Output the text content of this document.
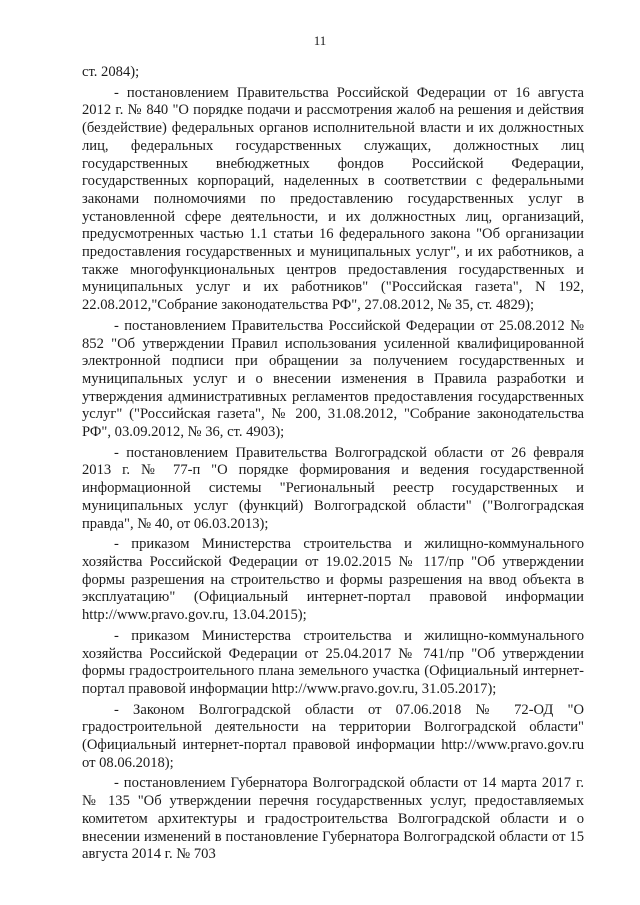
11

ст. 2084);

- постановлением Правительства Российской Федерации от 16 августа 2012 г. № 840 "О порядке подачи и рассмотрения жалоб на решения и действия (бездействие) федеральных органов исполнительной власти и их должностных лиц, федеральных государственных служащих, должностных лиц государственных внебюджетных фондов Российской Федерации, государственных корпораций, наделенных в соответствии с федеральными законами полномочиями по предоставлению государственных услуг в установленной сфере деятельности, и их должностных лиц, организаций, предусмотренных частью 1.1 статьи 16 федерального закона "Об организации предоставления государственных и муниципальных услуг", и их работников, а также многофункциональных центров предоставления государственных и муниципальных услуг и их работников" ("Российская газета", N 192, 22.08.2012,"Собрание законодательства РФ", 27.08.2012, № 35, ст. 4829);

- постановлением Правительства Российской Федерации от 25.08.2012 № 852 "Об утверждении Правил использования усиленной квалифицированной электронной подписи при обращении за получением государственных и муниципальных услуг и о внесении изменения в Правила разработки и утверждения административных регламентов предоставления государственных услуг" ("Российская газета", № 200, 31.08.2012, "Собрание законодательства РФ", 03.09.2012, № 36, ст. 4903);

- постановлением Правительства Волгоградской области от 26 февраля 2013 г. № 77-п "О порядке формирования и ведения государственной информационной системы "Региональный реестр государственных и муниципальных услуг (функций) Волгоградской области" ("Волгоградская правда", № 40, от 06.03.2013);

- приказом Министерства строительства и жилищно-коммунального хозяйства Российской Федерации от 19.02.2015 № 117/пр "Об утверждении формы разрешения на строительство и формы разрешения на ввод объекта в эксплуатацию" (Официальный интернет-портал правовой информации http://www.pravo.gov.ru, 13.04.2015);

- приказом Министерства строительства и жилищно-коммунального хозяйства Российской Федерации от 25.04.2017 № 741/пр "Об утверждении формы градостроительного плана земельного участка (Официальный интернет-портал правовой информации http://www.pravo.gov.ru, 31.05.2017);

- Законом Волгоградской области от 07.06.2018 № 72-ОД "О градостроительной деятельности на территории Волгоградской области" (Официальный интернет-портал правовой информации http://www.pravo.gov.ru от 08.06.2018);

- постановлением Губернатора Волгоградской области от 14 марта 2017 г. № 135 "Об утверждении перечня государственных услуг, предоставляемых комитетом архитектуры и градостроительства Волгоградской области и о внесении изменений в постановление Губернатора Волгоградской области от 15 августа 2014 г. № 703
